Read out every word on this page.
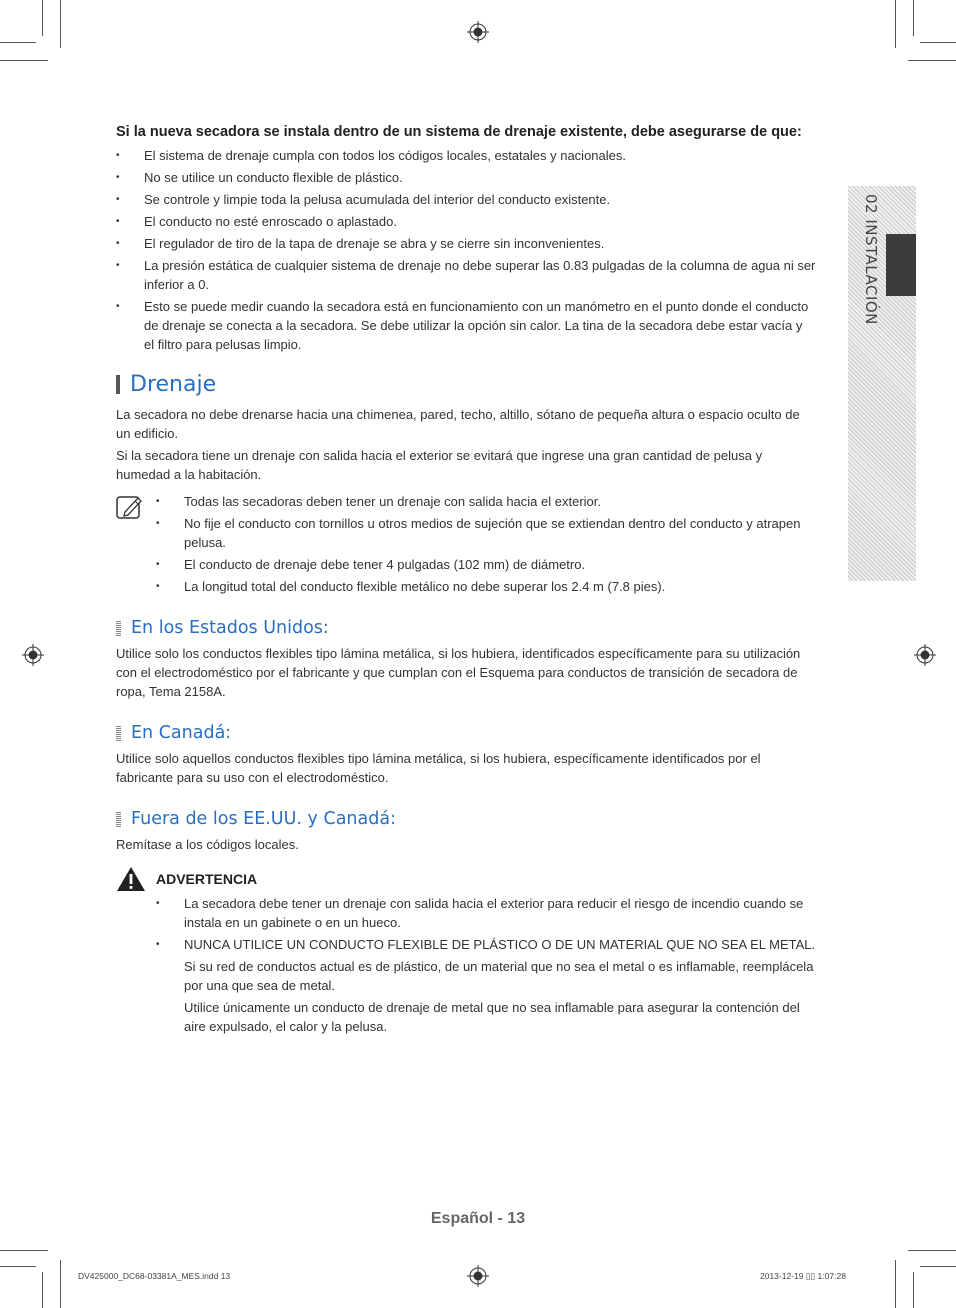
02 INSTALACIÓN
Si la nueva secadora se instala dentro de un sistema de drenaje existente, debe asegurarse de que:
• El sistema de drenaje cumpla con todos los códigos locales, estatales y nacionales.
• No se utilice un conducto flexible de plástico.
• Se controle y limpie toda la pelusa acumulada del interior del conducto existente.
• El conducto no esté enroscado o aplastado.
• El regulador de tiro de la tapa de drenaje se abra y se cierre sin inconvenientes.
• La presión estática de cualquier sistema de drenaje no debe superar las 0.83 pulgadas de la columna de agua ni ser inferior a 0.
• Esto se puede medir cuando la secadora está en funcionamiento con un manómetro en el punto donde el conducto de drenaje se conecta a la secadora. Se debe utilizar la opción sin calor. La tina de la secadora debe estar vacía y el filtro para pelusas limpio.
Drenaje

La secadora no debe drenarse hacia una chimenea, pared, techo, altillo, sótano de pequeña altura o espacio oculto de un edificio.

Si la secadora tiene un drenaje con salida hacia el exterior se evitará que ingrese una gran cantidad de pelusa y humedad a la habitación.

• Todas las secadoras deben tener un drenaje con salida hacia el exterior.
• No fije el conducto con tornillos u otros medios de sujeción que se extiendan dentro del conducto y atrapen pelusa.
• El conducto de drenaje debe tener 4 pulgadas (102 mm) de diámetro.
• La longitud total del conducto flexible metálico no debe superar los 2.4 m (7.8 pies).
En los Estados Unidos:

Utilice solo los conductos flexibles tipo lámina metálica, si los hubiera, identificados específicamente para su utilización con el electrodoméstico por el fabricante y que cumplan con el Esquema para conductos de transición de secadora de ropa, Tema 2158A.

En Canadá:

Utilice solo aquellos conductos flexibles tipo lámina metálica, si los hubiera, específicamente identificados por el fabricante para su uso con el electrodoméstico.

Fuera de los EE.UU. y Canadá:

Remítase a los códigos locales.

ADVERTENCIA
• La secadora debe tener un drenaje con salida hacia el exterior para reducir el riesgo de incendio cuando se instala en un gabinete o en un hueco.
• NUNCA UTILICE UN CONDUCTO FLEXIBLE DE PLÁSTICO O DE UN MATERIAL QUE NO SEA EL METAL.
Si su red de conductos actual es de plástico, de un material que no sea el metal o es inflamable, reemplácela por una que sea de metal.
Utilice únicamente un conducto de drenaje de metal que no sea inflamable para asegurar la contención del aire expulsado, el calor y la pelusa.
Español - 13
DV425000_DC68-03381A_MES.indd 13	2013-12-19 ▯▯ 1:07:28
